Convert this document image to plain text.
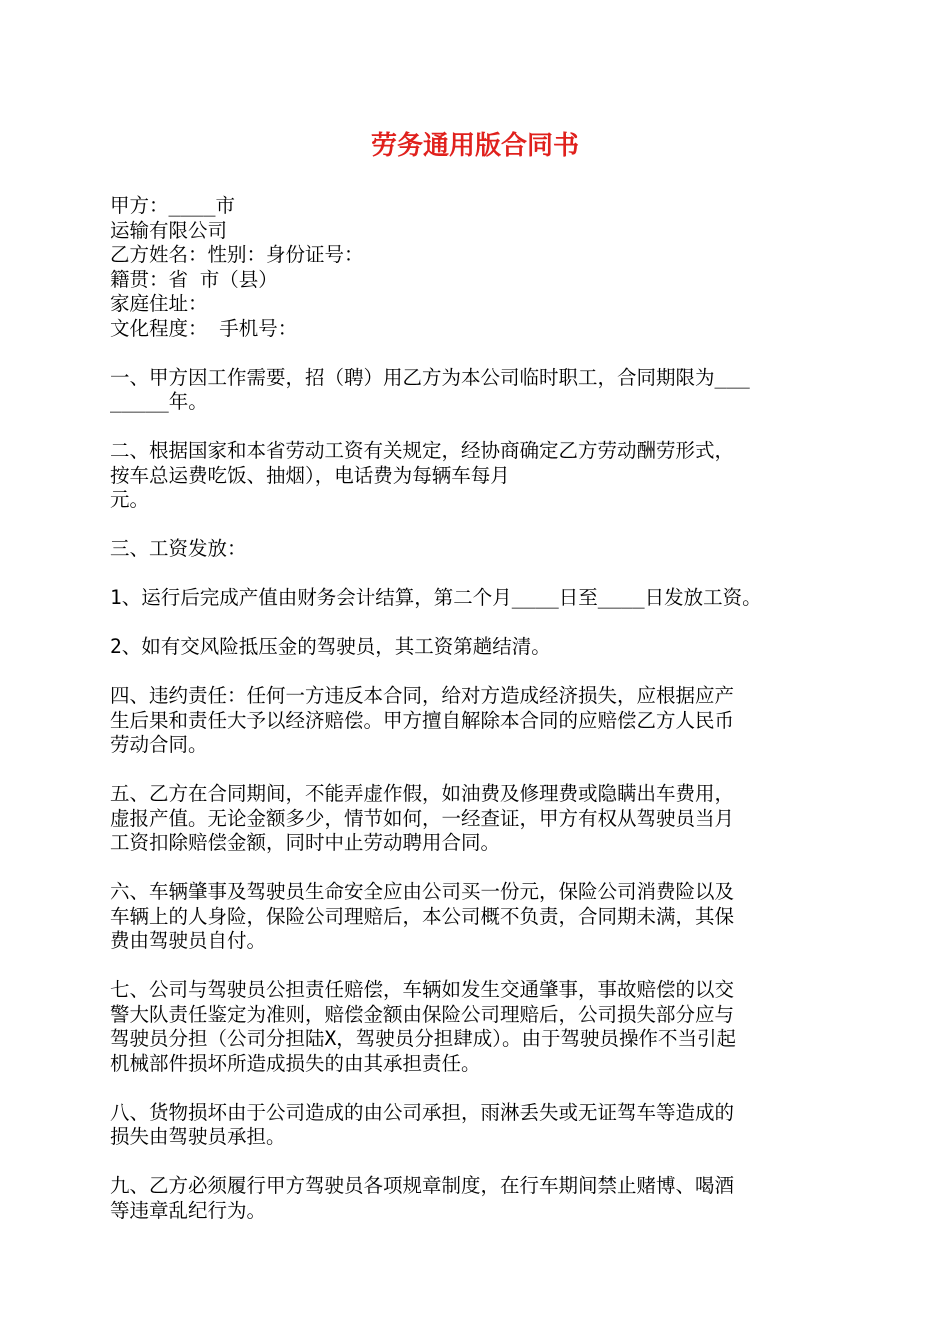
劳务通用版合同书
甲方：____市
运输有限公司
乙方姓名：性别：身份证号：
籍贯：省 市（县）
家庭住址：
文化程度： 手机号：
一、甲方因工作需要，招（聘）用乙方为本公司临时职工，合同期限为___
_____年。
二、根据国家和本省劳动工资有关规定，经协商确定乙方劳动酬劳形式，
按车总运费吃饭、抽烟），电话费为每辆车每月
元。
三、工资发放：
1、运行后完成产值由财务会计结算，第二个月____日至____日发放工资。
2、如有交风险抵压金的驾驶员，其工资第趟结清。
四、违约责任：任何一方违反本合同，给对方造成经济损失，应根据应产
生后果和责任大予以经济赔偿。甲方擅自解除本合同的应赔偿乙方人民币
劳动合同。
五、乙方在合同期间，不能弄虚作假，如油费及修理费或隐瞒出车费用，
虚报产值。无论金额多少，情节如何，一经查证，甲方有权从驾驶员当月
工资扣除赔偿金额，同时中止劳动聘用合同。
六、车辆肇事及驾驶员生命安全应由公司买一份元，保险公司消费险以及
车辆上的人身险，保险公司理赔后，本公司概不负责，合同期未满，其保
费由驾驶员自付。
七、公司与驾驶员公担责任赔偿，车辆如发生交通肇事，事故赔偿的以交
警大队责任鉴定为准则，赔偿金额由保险公司理赔后，公司损失部分应与
驾驶员分担（公司分担陆X，驾驶员分担肆成）。由于驾驶员操作不当引起
机械部件损坏所造成损失的由其承担责任。
八、货物损坏由于公司造成的由公司承担，雨淋丢失或无证驾车等造成的
损失由驾驶员承担。
九、乙方必须履行甲方驾驶员各项规章制度，在行车期间禁止赌博、喝酒
等违章乱纪行为。
